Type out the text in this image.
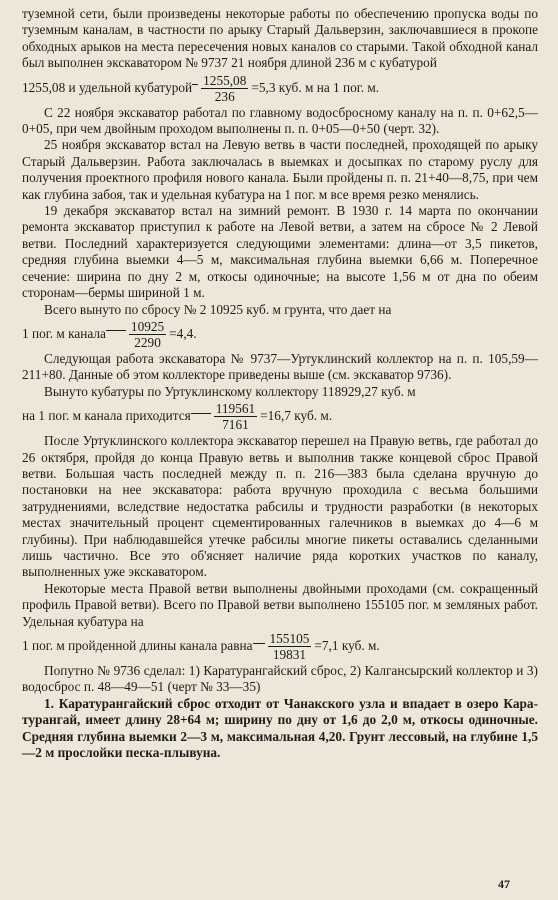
тузeмной сети, были произведены некоторые работы по обеспечению пропуска воды по туземным каналам, в частности по арыку Старый Дальверзин, заключавшиеся в прокопе обходных арыков на места пересечения новых каналов со старыми. Такой обходной канал был выполнен экскаватором № 9737 21 ноября длиной 236 м с кубатурой

1255,08 и удельной кубатурой $\frac{1255,08}{236} =5,3$ куб. м на 1 пог. м.

С 22 ноября экскаватор работал по главному водосбросному каналу на п. п. 0+62,5—0+05, при чем двойным проходом выполнены п. п. 0+05—0+50 (черт. 32).

25 ноября экскаватор встал на Левую ветвь в части последней, проходящей по арыку Старый Дальверзин. Работа заключалась в выемках и досыпках по старому руслу для получения проектного профиля нового канала. Были пройдены п. п. 21+40—8,75, при чем как глубина забоя, так и удельная кубатура на 1 пог. м все время резко менялись.

19 декабря экскаватор встал на зимний ремонт. В 1930 г. 14 марта по окончании ремонта экскаватор приступил к работе на Левой ветви, а затем на сбросе № 2 Левой ветви. Последний характеризуется следующими элементами: длина—от 3,5 пикетов, средняя глубина выемки 4—5 м, максимальная глубина выемки 6,66 м. Поперечное сечение: ширина по дну 2 м, откосы одиночные; на высоте 1,56 м от дна по обеим сторонам—бермы шириной 1 м.

Всего вынуто по сбросу № 2 10925 куб. м грунта, что дает на

1 пог. м канала $\frac{10925}{2290} =4,4$.

Следующая работа экскаватора № 9737—Уртуклинский коллектор на п. п. 105,59—211+80. Данные об этом коллекторе приведены выше (см. экскаватор 9736).

Вынуто кубатуры по Уртуклинскому коллектору 118929,27 куб. м

на 1 пог. м канала приходится $\frac{119561}{7161} =16,7$ куб. м.

После Уртуклинского коллектора экскаватор перешел на Правую ветвь, где работал до 26 октября, пройдя до конца Правую ветвь и выполнив также концевой сброс Правой ветви. Большая часть последней между п. п. 216—383 была сделана вручную до постановки на нее экскаватора: работа вручную проходила с весьма большими затруднениями, вследствие недостатка рабсилы и трудности разработки (в некоторых местах значительный процент сцементированных галечников в выемках до 4—6 м глубины). При наблюдавшейся утечке рабсилы многие пикеты оставались сделанными лишь частично. Все это об'ясняет наличие ряда коротких участков по каналу, выполненных уже экскаватором.

Некоторые места Правой ветви выполнены двойными проходами (см. сокращенный профиль Правой ветви). Всего по Правой ветви выполнено 155105 пог. м земляных работ. Удельная кубатура на

1 пог. м пройденной длины канала равна $\frac{155105}{19831} =7,1$ куб. м.

Попутно № 9736 сделал: 1) Каратурангайский сброс, 2) Калгансырский коллектор и 3) водосброс п. 48—49—51 (черт № 33—35)

1. Каратурангайский сброс отходит от Чанакского узла и впадает в озеро Кара-турангай, имеет длину 28+64 м; ширину по дну от 1,6 до 2,0 м, откосы одиночные. Средняя глубина выемки 2—3 м, максимальная 4,20. Грунт лессовый, на глубине 1,5—2 м прослойки песка-плывуна.

47
